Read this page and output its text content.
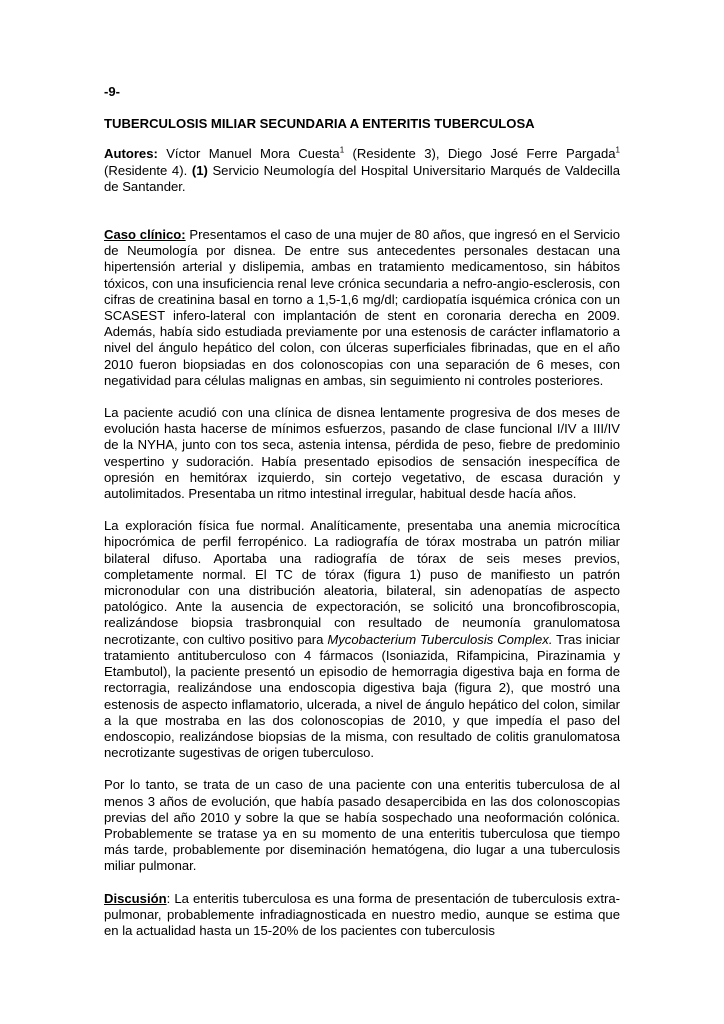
-9-

TUBERCULOSIS MILIAR SECUNDARIA A ENTERITIS TUBERCULOSA

Autores: Víctor Manuel Mora Cuesta$^1$ (Residente 3), Diego José Ferre Pargada$^1$ (Residente 4). (1) Servicio Neumología del Hospital Universitario Marqués de Valdecilla de Santander.

Caso clínico: Presentamos el caso de una mujer de 80 años, que ingresó en el Servicio de Neumología por disnea. De entre sus antecedentes personales destacan una hipertensión arterial y dislipemia, ambas en tratamiento medicamentoso, sin hábitos tóxicos, con una insuficiencia renal leve crónica secundaria a nefro-angio-esclerosis, con cifras de creatinina basal en torno a 1,5-1,6 mg/dl; cardiopatía isquémica crónica con un SCASEST infero-lateral con implantación de stent en coronaria derecha en 2009. Además, había sido estudiada previamente por una estenosis de carácter inflamatorio a nivel del ángulo hepático del colon, con úlceras superficiales fibrinadas, que en el año 2010 fueron biopsiadas en dos colonoscopias con una separación de 6 meses, con negatividad para células malignas en ambas, sin seguimiento ni controles posteriores.

La paciente acudió con una clínica de disnea lentamente progresiva de dos meses de evolución hasta hacerse de mínimos esfuerzos, pasando de clase funcional I/IV a III/IV de la NYHA, junto con tos seca, astenia intensa, pérdida de peso, fiebre de predominio vespertino y sudoración. Había presentado episodios de sensación inespecífica de opresión en hemitórax izquierdo, sin cortejo vegetativo, de escasa duración y autolimitados. Presentaba un ritmo intestinal irregular, habitual desde hacía años.

La exploración física fue normal. Analíticamente, presentaba una anemia microcítica hipocrómica de perfil ferropénico. La radiografía de tórax mostraba un patrón miliar bilateral difuso. Aportaba una radiografía de tórax de seis meses previos, completamente normal. El TC de tórax (figura 1) puso de manifiesto un patrón micronodular con una distribución aleatoria, bilateral, sin adenopatías de aspecto patológico. Ante la ausencia de expectoración, se solicitó una broncofibroscopia, realizándose biopsia trasbronquial con resultado de neumonía granulomatosa necrotizante, con cultivo positivo para Mycobacterium Tuberculosis Complex. Tras iniciar tratamiento antituberculoso con 4 fármacos (Isoniazida, Rifampicina, Pirazinamia y Etambutol), la paciente presentó un episodio de hemorragia digestiva baja en forma de rectorragia, realizándose una endoscopia digestiva baja (figura 2), que mostró una estenosis de aspecto inflamatorio, ulcerada, a nivel de ángulo hepático del colon, similar a la que mostraba en las dos colonoscopias de 2010, y que impedía el paso del endoscopio, realizándose biopsias de la misma, con resultado de colitis granulomatosa necrotizante sugestivas de origen tuberculoso.

Por lo tanto, se trata de un caso de una paciente con una enteritis tuberculosa de al menos 3 años de evolución, que había pasado desapercibida en las dos colonoscopias previas del año 2010 y sobre la que se había sospechado una neoformación colónica. Probablemente se tratase ya en su momento de una enteritis tuberculosa que tiempo más tarde, probablemente por diseminación hematógena, dio lugar a una tuberculosis miliar pulmonar.

Discusión: La enteritis tuberculosa es una forma de presentación de tuberculosis extra-pulmonar, probablemente infradiagnosticada en nuestro medio, aunque se estima que en la actualidad hasta un 15-20% de los pacientes con tuberculosis
